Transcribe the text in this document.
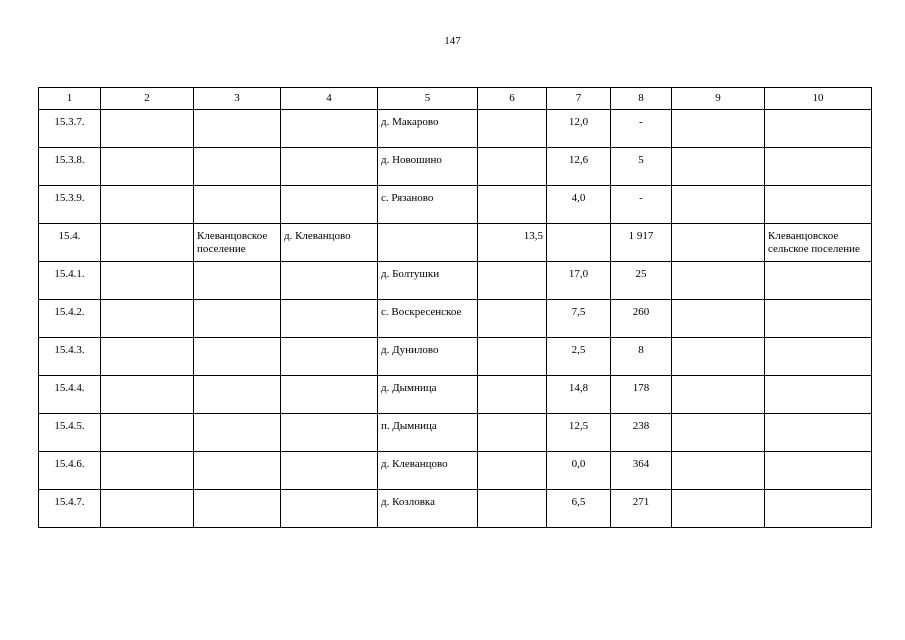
147
1	2	3	4	5	6	7	8	9	10
15.3.7.				д. Макарово		12,0	-		
15.3.8.				д. Новошино		12,6	5		
15.3.9.				с. Рязаново		4,0	-		
15.4.		Клеванцовское поселение	д. Клеванцово		13,5		1 917		Клеванцовское сельское поселение
15.4.1.				д. Болтушки		17,0	25		
15.4.2.				с. Воскресенское		7,5	260		
15.4.3.				д. Дунилово		2,5	8		
15.4.4.				д. Дымница		14,8	178		
15.4.5.				п. Дымница		12,5	238		
15.4.6.				д. Клеванцово		0,0	364		
15.4.7.				д. Козловка		6,5	271		
